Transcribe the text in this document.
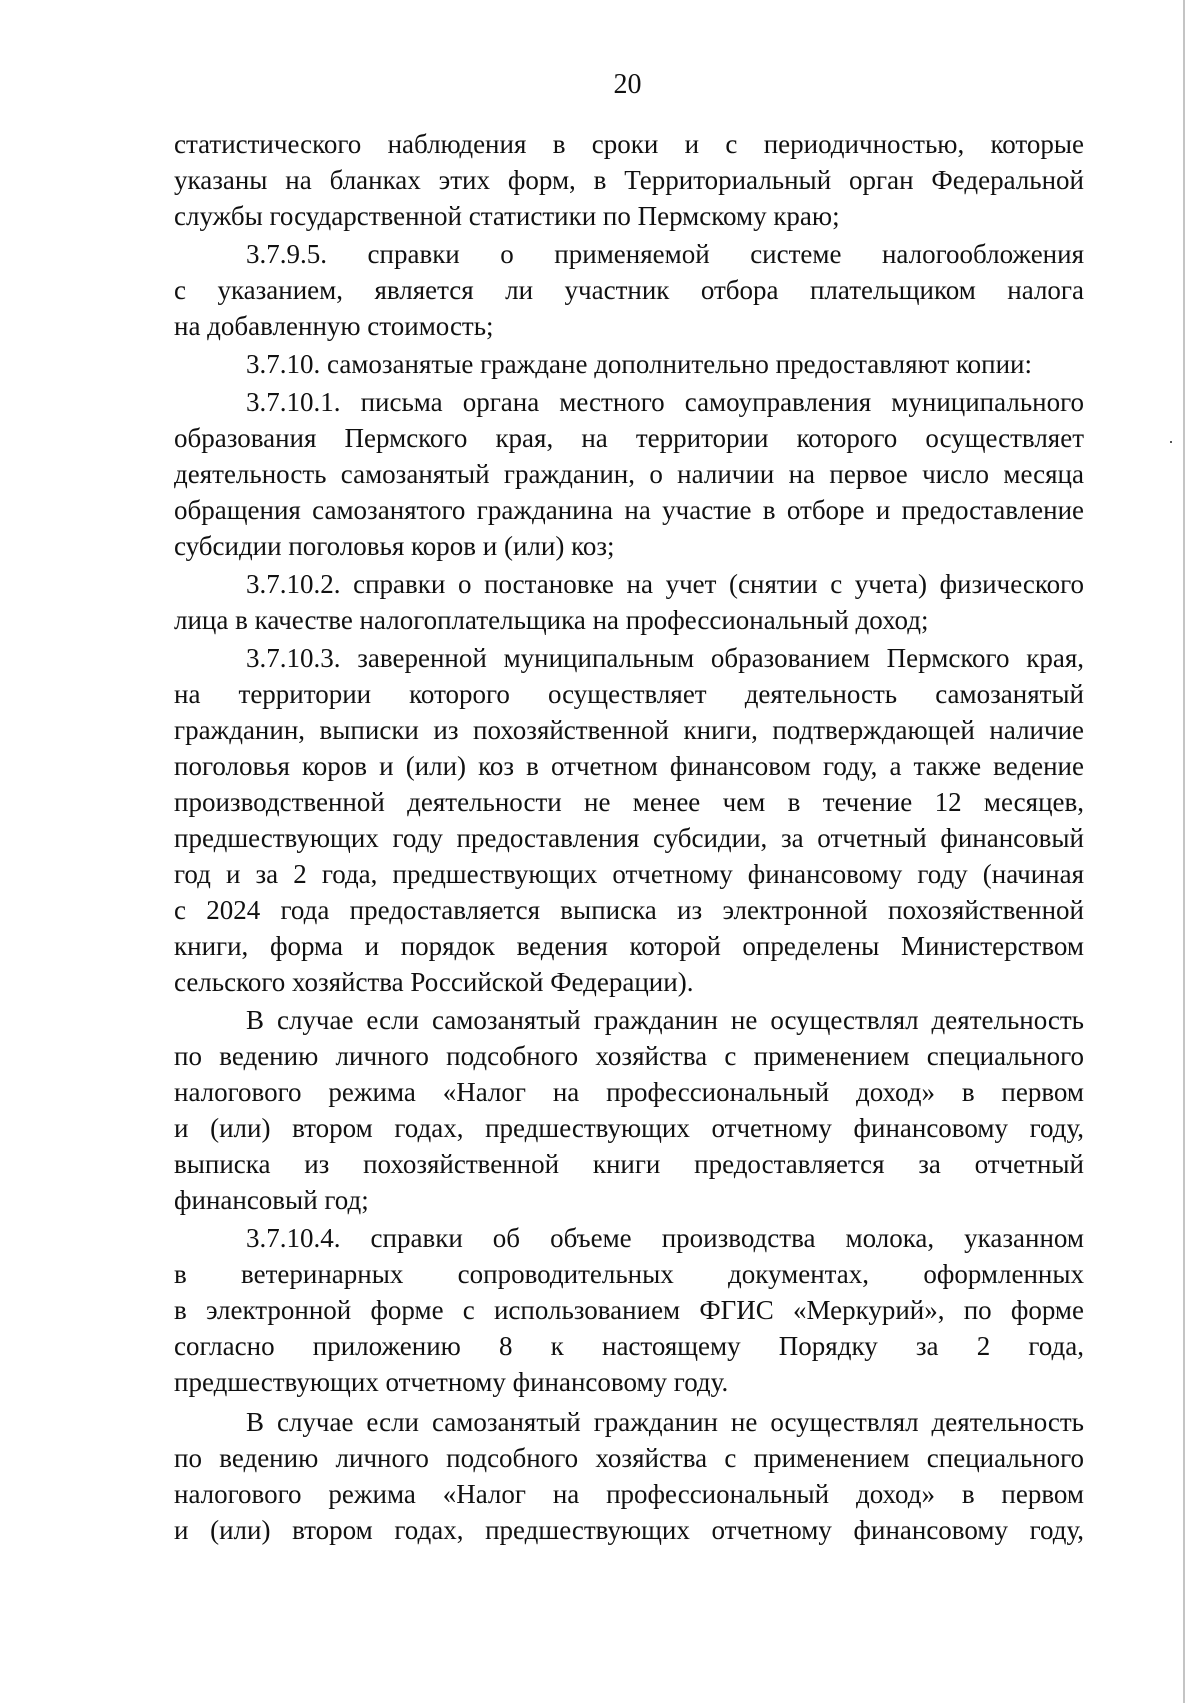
20
статистического наблюдения в сроки и с периодичностью, которые
указаны на бланках этих форм, в Территориальный орган Федеральной
службы государственной статистики по Пермскому краю;
3.7.9.5. справки о применяемой системе налогообложения
с указанием, является ли участник отбора плательщиком налога
на добавленную стоимость;
3.7.10. самозанятые граждане дополнительно предоставляют копии:
3.7.10.1. письма органа местного самоуправления муниципального
образования Пермского края, на территории которого осуществляет
деятельность самозанятый гражданин, о наличии на первое число месяца
обращения самозанятого гражданина на участие в отборе и предоставление
субсидии поголовья коров и (или) коз;
3.7.10.2. справки о постановке на учет (снятии с учета) физического
лица в качестве налогоплательщика на профессиональный доход;
3.7.10.3. заверенной муниципальным образованием Пермского края,
на территории которого осуществляет деятельность самозанятый
гражданин, выписки из похозяйственной книги, подтверждающей наличие
поголовья коров и (или) коз в отчетном финансовом году, а также ведение
производственной деятельности не менее чем в течение 12 месяцев,
предшествующих году предоставления субсидии, за отчетный финансовый
год и за 2 года, предшествующих отчетному финансовому году (начиная
с 2024 года предоставляется выписка из электронной похозяйственной
книги, форма и порядок ведения которой определены Министерством
сельского хозяйства Российской Федерации).
В случае если самозанятый гражданин не осуществлял деятельность
по ведению личного подсобного хозяйства с применением специального
налогового режима «Налог на профессиональный доход» в первом
и (или) втором годах, предшествующих отчетному финансовому году,
выписка из похозяйственной книги предоставляется за отчетный
финансовый год;
3.7.10.4. справки об объеме производства молока, указанном
в ветеринарных сопроводительных документах, оформленных
в электронной форме с использованием ФГИС «Меркурий», по форме
согласно приложению 8 к настоящему Порядку за 2 года,
предшествующих отчетному финансовому году.
В случае если самозанятый гражданин не осуществлял деятельность
по ведению личного подсобного хозяйства с применением специального
налогового режима «Налог на профессиональный доход» в первом
и (или) втором годах, предшествующих отчетному финансовому году,
